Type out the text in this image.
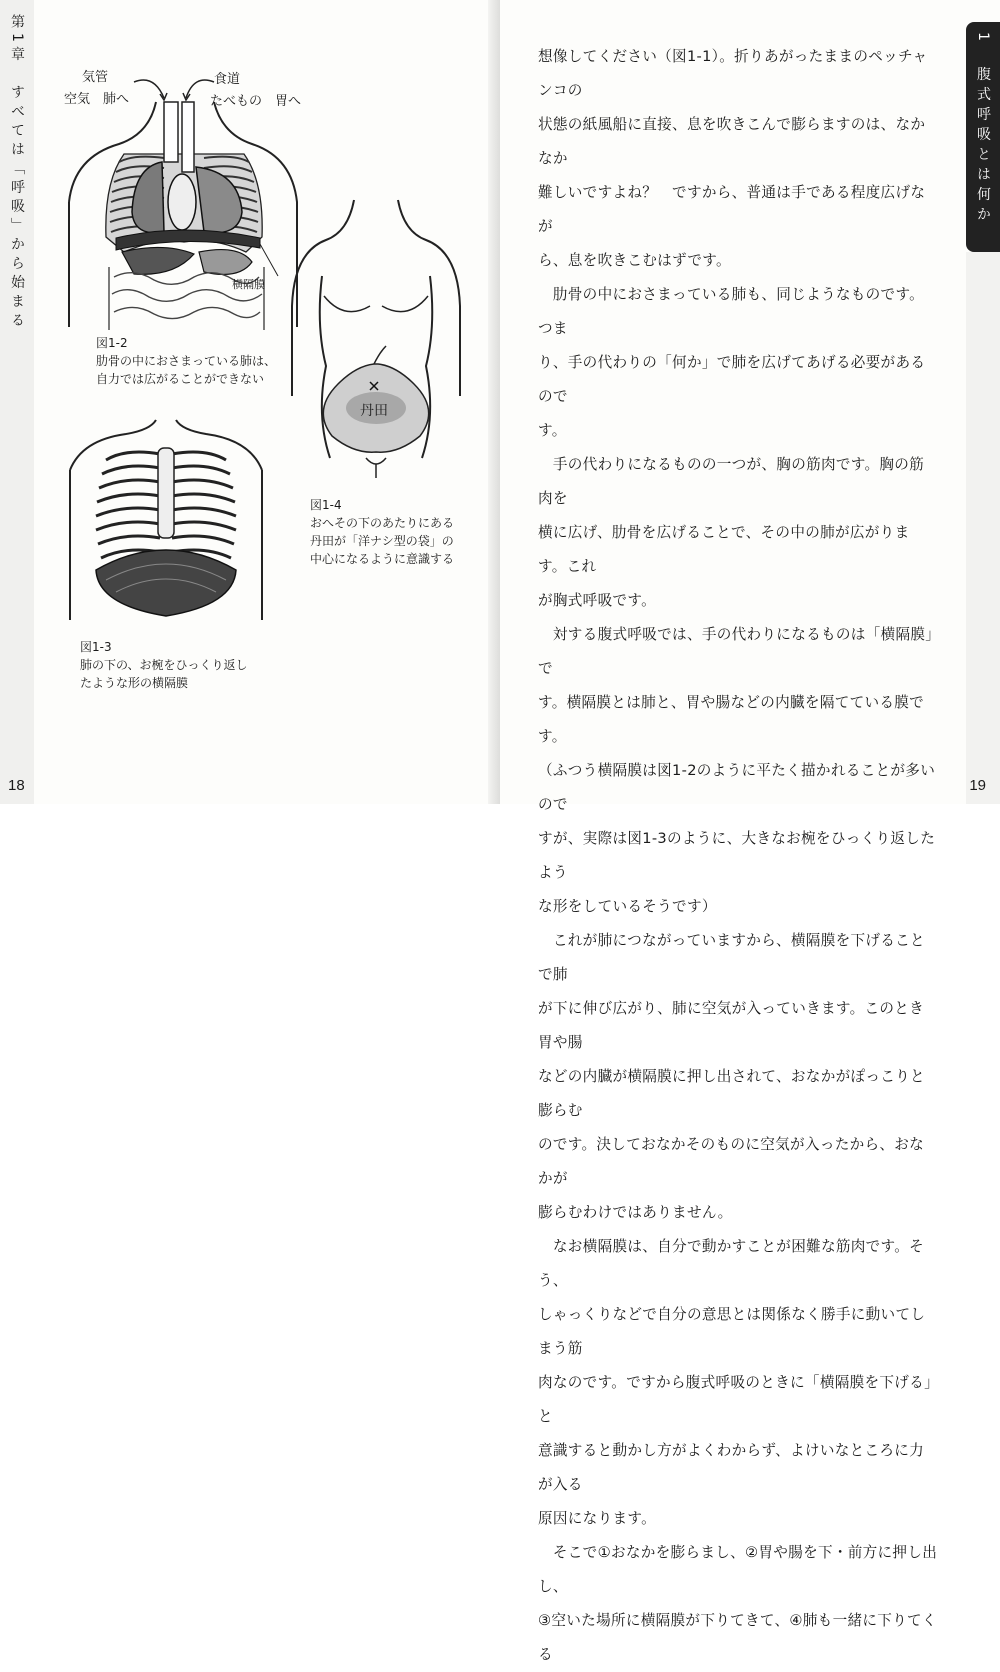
第1章　すべては「呼吸」から始まる	気管
空気　肺へ
食道
たべもの　胃へ
横隔膜
図1-2
肋骨の中におさまっている肺は、
自力では広がることができない
丹田
図1-4
おへその下のあたりにある
丹田が「洋ナシ型の袋」の
中心になるように意識する
図1-3
肺の下の、お椀をひっくり返し
たような形の横隔膜
18
1　腹式呼吸とは何か
19

想像してください（図1-1）。折りあがったままのペッチャンコの

状態の紙風船に直接、息を吹きこんで膨らますのは、なかなか

難しいですよね？　ですから、普通は手である程度広げなが

ら、息を吹きこむはずです。

　肋骨の中におさまっている肺も、同じようなものです。つま

り、手の代わりの「何か」で肺を広げてあげる必要があるので

す。

　手の代わりになるものの一つが、胸の筋肉です。胸の筋肉を

横に広げ、肋骨を広げることで、その中の肺が広がります。これ

が胸式呼吸です。

　対する腹式呼吸では、手の代わりになるものは「横隔膜」で

す。横隔膜とは肺と、胃や腸などの内臓を隔てている膜です。

（ふつう横隔膜は図1-2のように平たく描かれることが多いので

すが、実際は図1-3のように、大きなお椀をひっくり返したよう

な形をしているそうです）

　これが肺につながっていますから、横隔膜を下げることで肺

が下に伸び広がり、肺に空気が入っていきます。このとき胃や腸

などの内臓が横隔膜に押し出されて、おなかがぽっこりと膨らむ

のです。決しておなかそのものに空気が入ったから、おなかが

膨らむわけではありません。

　なお横隔膜は、自分で動かすことが困難な筋肉です。そう、

しゃっくりなどで自分の意思とは関係なく勝手に動いてしまう筋

肉なのです。ですから腹式呼吸のときに「横隔膜を下げる」と

意識すると動かし方がよくわからず、よけいなところに力が入る

原因になります。

　そこで①おなかを膨らまし、②胃や腸を下・前方に押し出し、

③空いた場所に横隔膜が下りてきて、④肺も一緒に下りてくる
